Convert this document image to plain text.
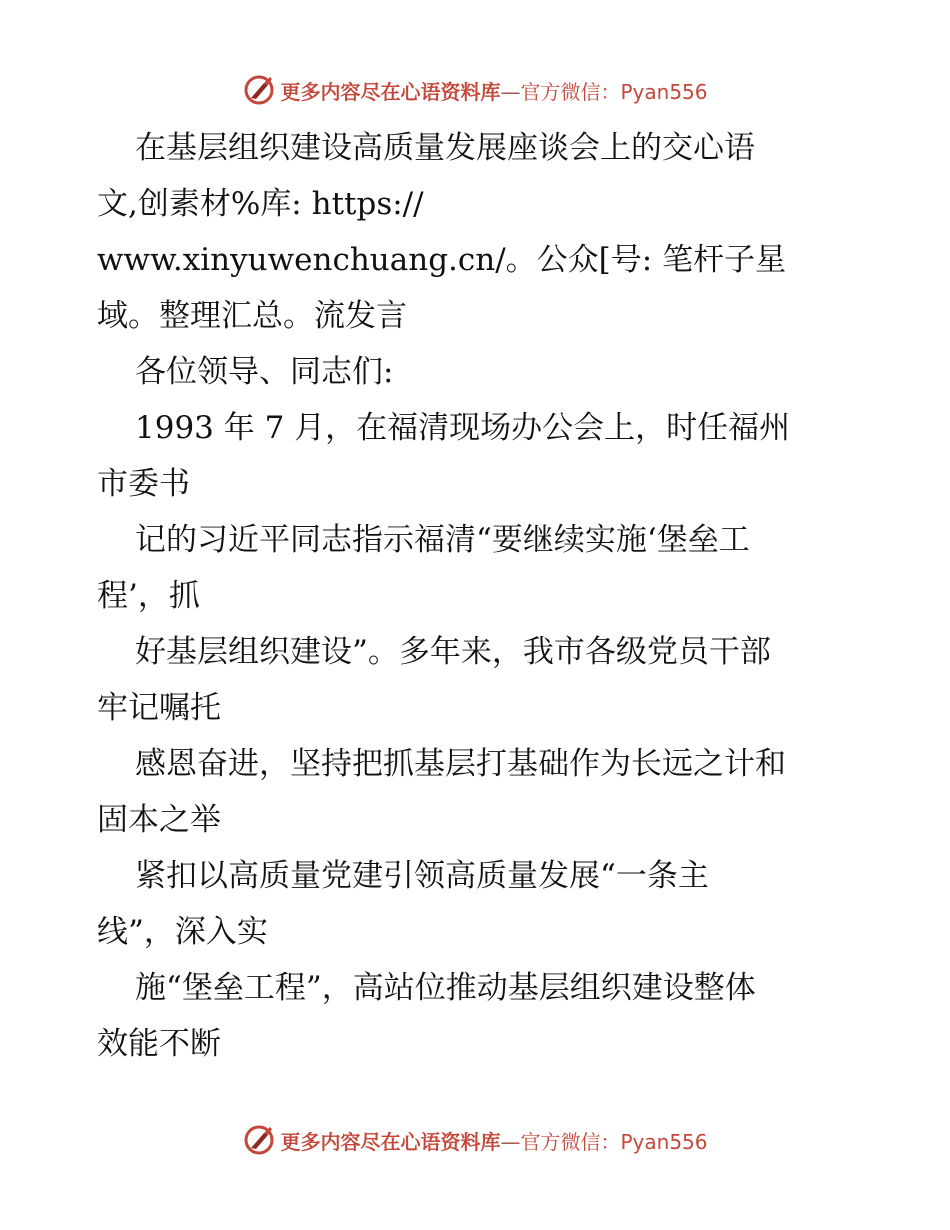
更多内容尽在心语资料库—官方微信：Pyan556
在基层组织建设高质量发展座谈会上的交心语
文,创素材%库: https://
www.xinyuwenchuang.cn/。公众[号: 笔杆子星
域。整理汇总。流发言
各位领导、同志们:
1993 年 7 月，在福清现场办公会上，时任福州
市委书
记的习近平同志指示福清“要继续实施‘堡垒工
程’，抓
好基层组织建设”。多年来，我市各级党员干部
牢记嘱托
感恩奋进，坚持把抓基层打基础作为长远之计和
固本之举
紧扣以高质量党建引领高质量发展“一条主
线”，深入实
施“堡垒工程”，高站位推动基层组织建设整体
效能不断
更多内容尽在心语资料库—官方微信：Pyan556
